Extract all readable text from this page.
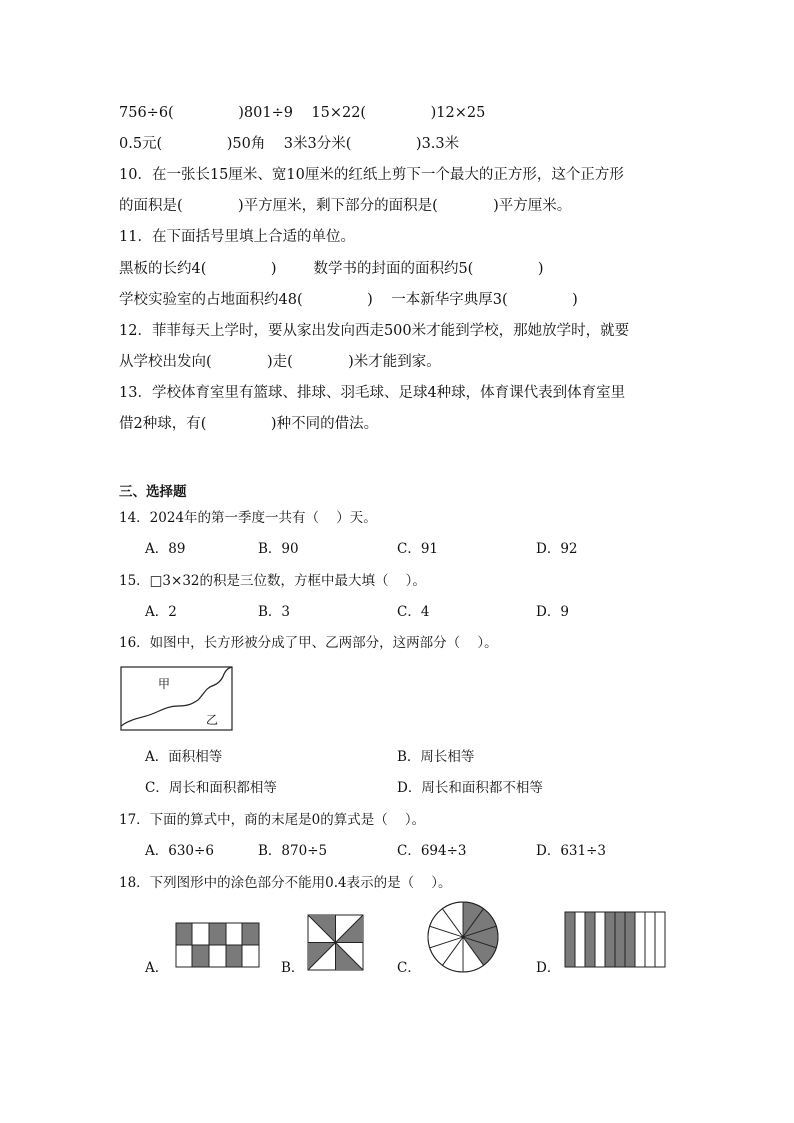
756÷6(              )801÷9    15×22(              )12×25
0.5元(              )50角    3米3分米(              )3.3米
10．在一张长15厘米、宽10厘米的红纸上剪下一个最大的正方形，这个正方形
的面积是(            )平方厘米，剩下部分的面积是(            )平方厘米。
11．在下面括号里填上合适的单位。
黑板的长约4(              )        数学书的封面的面积约5(              )
学校实验室的占地面积约48(              )    一本新华字典厚3(              )
12．菲菲每天上学时，要从家出发向西走500米才能到学校，那她放学时，就要
从学校出发向(            )走(            )米才能到家。
13．学校体育室里有篮球、排球、羽毛球、足球4种球，体育课代表到体育室里
借2种球，有(              )种不同的借法。
三、选择题
14．2024年的第一季度一共有（    ）天。
A．89	B．90	C．91	D．92
15．□3×32的积是三位数，方框中最大填（    ）。
A．2	B．3	C．4	D．9
16．如图中，长方形被分成了甲、乙两部分，这两部分（    ）。
甲
乙
A．面积相等	B．周长相等
C．周长和面积都相等	D．周长和面积都不相等
17．下面的算式中，商的末尾是0的算式是（    ）。
A．630÷6	B．870÷5	C．694÷3	D．631÷3
18．下列图形中的涂色部分不能用0.4表示的是（    ）。
A．	B．	C．	D．
